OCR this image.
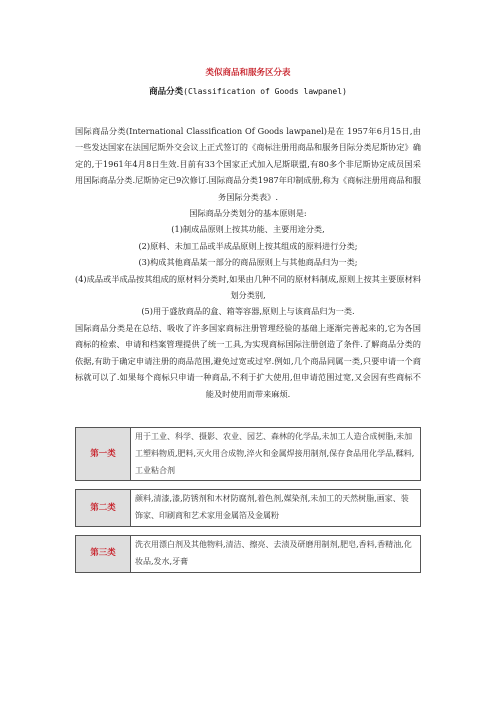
类似商品和服务区分表
商品分类(Classification of Goods lawpanel)

国际商品分类(International Classification Of Goods lawpanel)是在 1957年6月15日,由一些发达国家在法国尼斯外交会议上正式签订的《商标注册用商品和服务目际分类尼斯协定》确定的,于1961年4月8日生效.目前有33个国家正式加入尼斯联盟,有80多个非尼斯协定成员国采用国际商品分类.尼斯协定已9次修订.国际商品分类1987年印制成册,称为《商标注册用商品和服务国际分类表》.

国际商品分类划分的基本原则是:

(1)制成品原则上按其功能、主要用途分类,

(2)原料、未加工品或半成品原则上按其组成的原料进行分类;

(3)构成其他商品某一部分的商品原则上与其他商品归为一类;

(4)成品或半成品按其组成的原材料分类时,如果由几种不同的原材料制成,原则上按其主要原材料划分类别,

(5)用于盛放商品的盒、箱等容器,原则上与该商品归为一类.

国际商品分类是在总结、吸收了许多国家商标注册管理经验的基础上逐渐完善起来的,它为各国商标的检索、申请和档案管理提供了统一工具,为实现商标国际注册创造了条件.了解商品分类的依据,有助于确定申请注册的商品范围,避免过宽或过窄.例如,几个商品同属一类,只要申请一个商标就可以了.如果每个商标只申请一种商品,不利于扩大使用,但申请范围过宽,又会因有些商标不能及时使用而带来麻烦.

第一类	用于工业、科学、摄影、农业、园艺、森林的化学品,未加工人造合成树脂,未加工塑料物质,肥料,灭火用合成物,淬火和金属焊接用制剂,保存食品用化学品,鞣料,工业粘合剂

第二类	颜料,清漆,漆,防锈剂和木材防腐剂,着色剂,媒染剂,未加工的天然树脂,画家、装饰家、印刷商和艺术家用金属箔及金属粉

第三类	洗衣用漂白剂及其他物料,清洁、擦亮、去渍及研磨用制剂,肥皂,香料,香精油,化妆品,发水,牙膏
